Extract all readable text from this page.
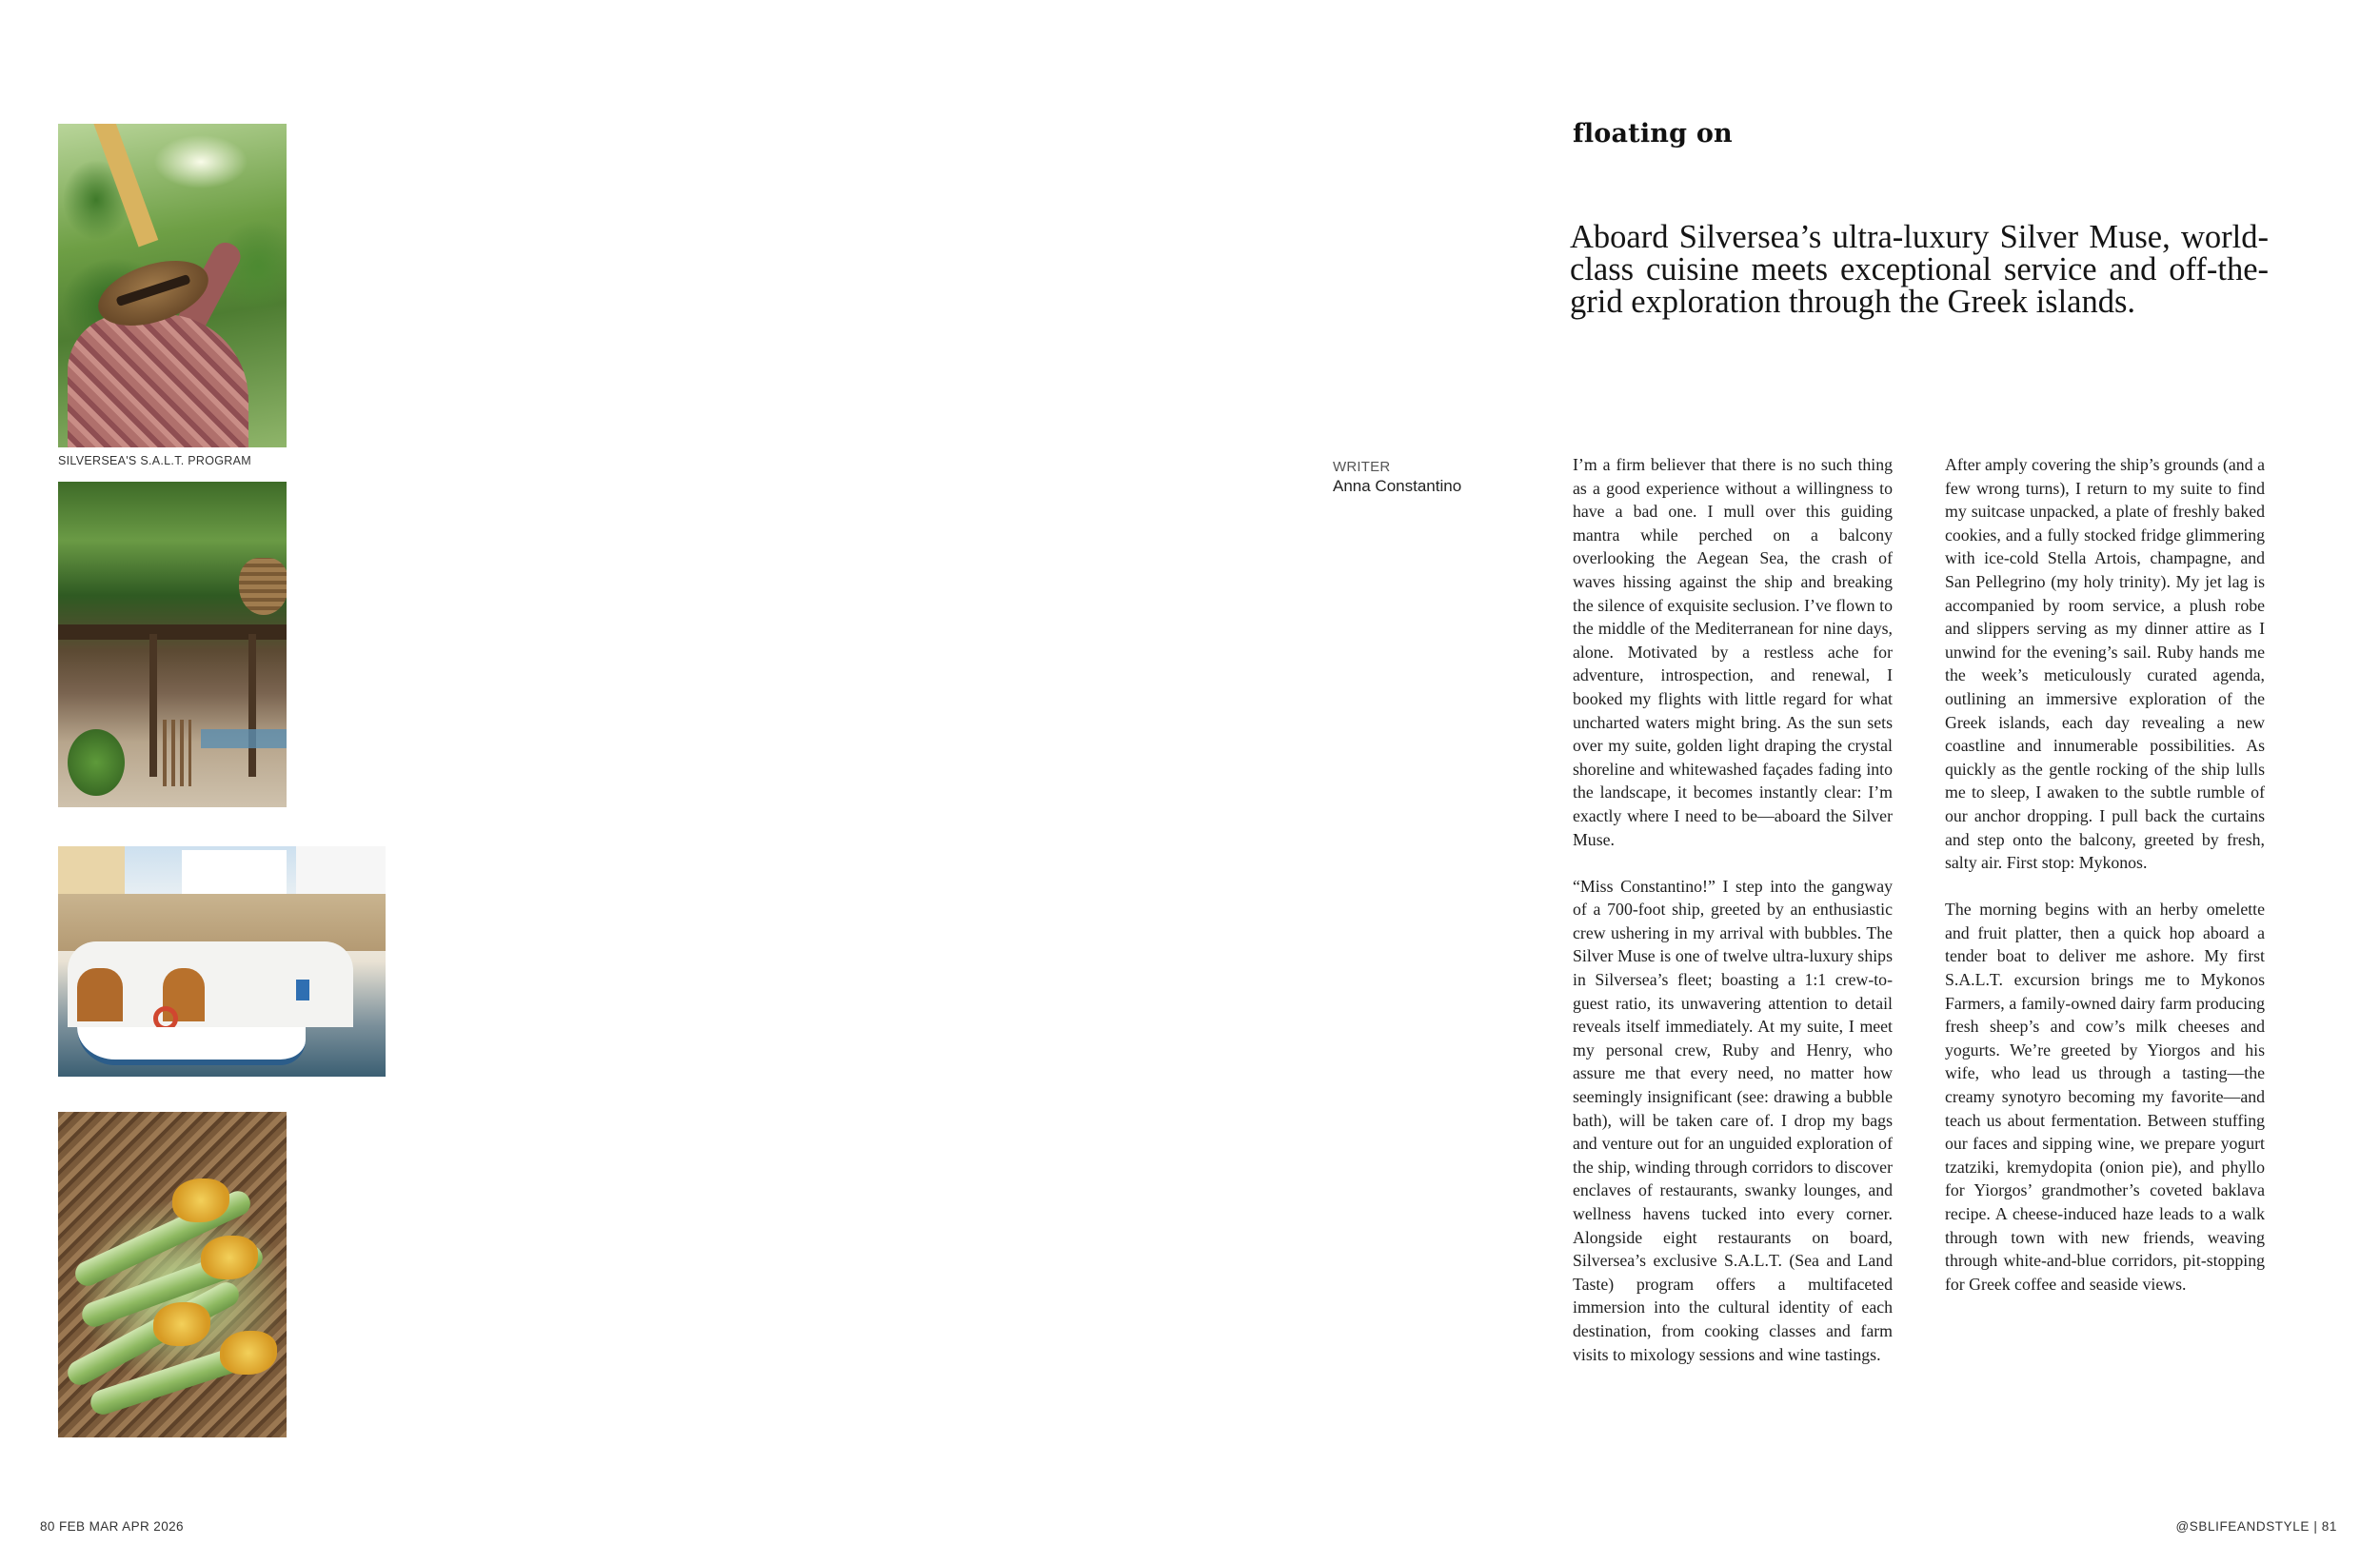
SILVERSEA'S S.A.L.T. PROGRAM
floating on
Aboard Silversea’s ultra-luxury Silver Muse, world-class cuisine meets exceptional service and off-the-grid exploration through the Greek islands.
WRITER
Anna Constantino

I’m a firm believer that there is no such thing as a good experience without a willingness to have a bad one. I mull over this guiding mantra while perched on a balcony overlooking the Aegean Sea, the crash of waves hissing against the ship and breaking the silence of exquisite seclusion. I’ve flown to the middle of the Mediterranean for nine days, alone. Motivated by a restless ache for adventure, introspection, and renewal, I booked my flights with little regard for what uncharted waters might bring. As the sun sets over my suite, golden light draping the crystal shoreline and whitewashed façades fading into the landscape, it becomes instantly clear: I’m exactly where I need to be—aboard the Silver Muse.

“Miss Constantino!” I step into the gangway of a 700-foot ship, greeted by an enthusiastic crew ushering in my arrival with bubbles. The Silver Muse is one of twelve ultra-luxury ships in Silversea’s fleet; boasting a 1:1 crew-to-guest ratio, its unwavering attention to detail reveals itself immediately. At my suite, I meet my personal crew, Ruby and Henry, who assure me that every need, no matter how seemingly insignificant (see: drawing a bubble bath), will be taken care of. I drop my bags and venture out for an unguided exploration of the ship, winding through corridors to discover enclaves of restaurants, swanky lounges, and wellness havens tucked into every corner. Alongside eight restaurants on board, Silversea’s exclusive S.A.L.T. (Sea and Land Taste) program offers a multifaceted immersion into the cultural identity of each destination, from cooking classes and farm visits to mixology sessions and wine tastings.

After amply covering the ship’s grounds (and a few wrong turns), I return to my suite to find my suitcase unpacked, a plate of freshly baked cookies, and a fully stocked fridge glimmering with ice-cold Stella Artois, champagne, and San Pellegrino (my holy trinity). My jet lag is accompanied by room service, a plush robe and slippers serving as my dinner attire as I unwind for the evening’s sail. Ruby hands me the week’s meticulously curated agenda, outlining an immersive exploration of the Greek islands, each day revealing a new coastline and innumerable possibilities. As quickly as the gentle rocking of the ship lulls me to sleep, I awaken to the subtle rumble of our anchor dropping. I pull back the curtains and step onto the balcony, greeted by fresh, salty air. First stop: Mykonos.

The morning begins with an herby omelette and fruit platter, then a quick hop aboard a tender boat to deliver me ashore. My first S.A.L.T. excursion brings me to Mykonos Farmers, a family-owned dairy farm producing fresh sheep’s and cow’s milk cheeses and yogurts. We’re greeted by Yiorgos and his wife, who lead us through a tasting—the creamy synotyro becoming my favorite—and teach us about fermentation. Between stuffing our faces and sipping wine, we prepare yogurt tzatziki, kremydopita (onion pie), and phyllo for Yiorgos’ grandmother’s coveted baklava recipe. A cheese-induced haze leads to a walk through town with new friends, weaving through white-and-blue corridors, pit-stopping for Greek coffee and seaside views.

80 FEB MAR APR 2026	@SBLIFEANDSTYLE | 81
